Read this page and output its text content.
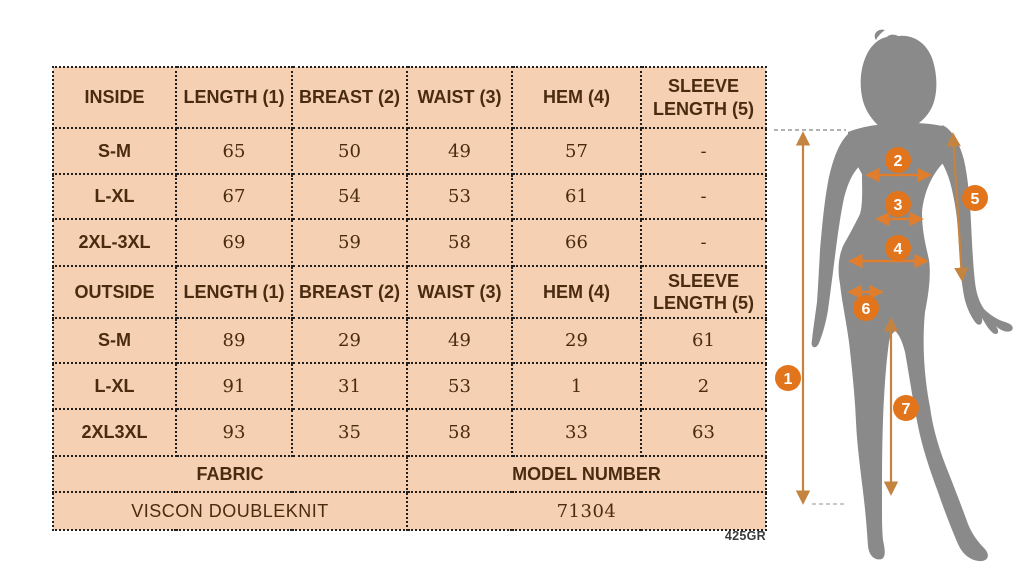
INSIDE	LENGTH (1)	BREAST (2)	WAIST (3)	HEM (4)	SLEEVE LENGTH (5)
S-M	65	50	49	57	-
L-XL	67	54	53	61	-
2XL-3XL	69	59	58	66	-
OUTSIDE	LENGTH (1)	BREAST (2)	WAIST (3)	HEM (4)	SLEEVE LENGTH (5)
S-M	89	29	49	29	61
L-XL	91	31	53	1	2
2XL3XL	93	35	58	33	63
FABRIC			MODEL NUMBER		
VISCON DOUBLEKNIT			71304		
425GR
1
2
3
4
5
6
7
